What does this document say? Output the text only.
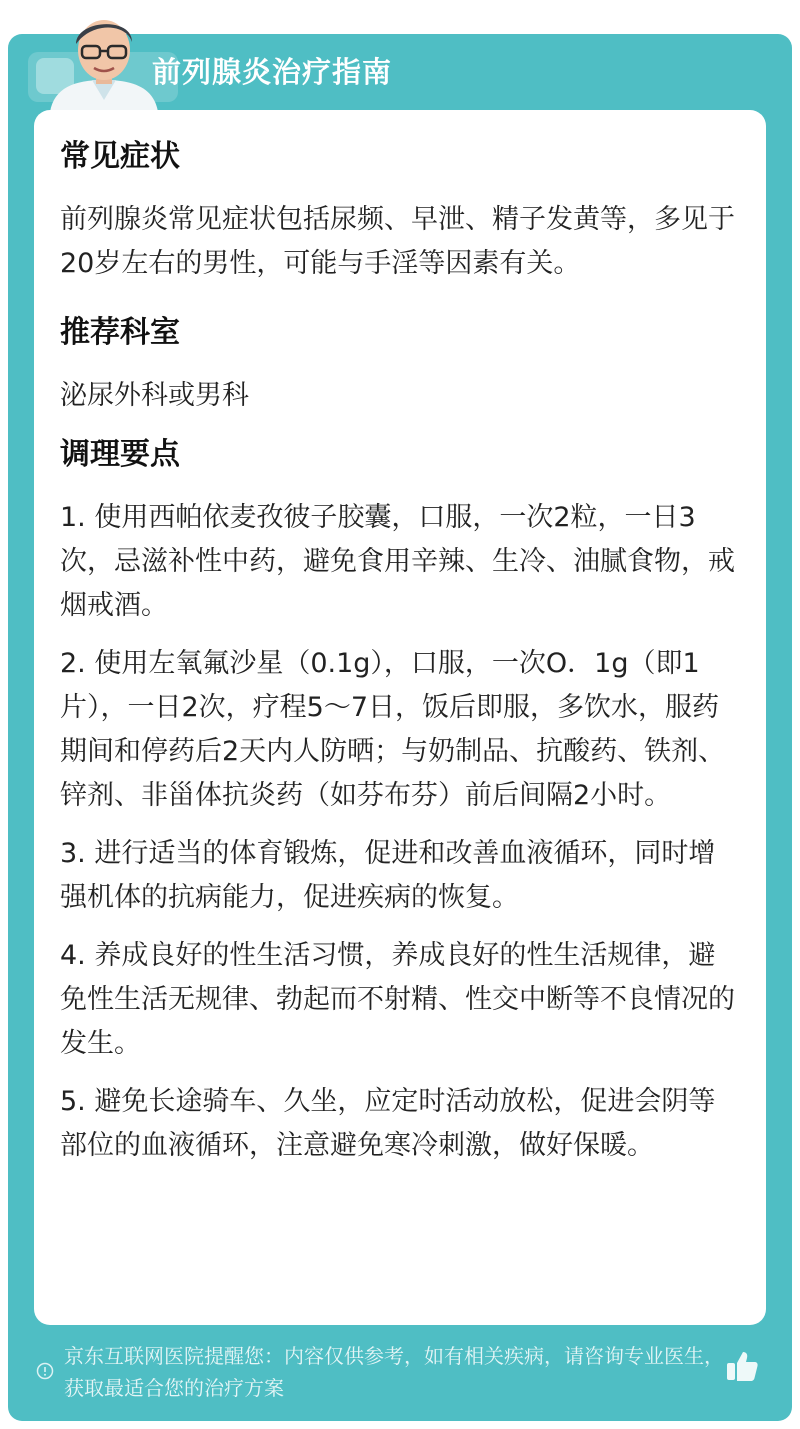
前列腺炎治疗指南
常见症状

前列腺炎常见症状包括尿频、早泄、精子发黄等，多见于20岁左右的男性，可能与手淫等因素有关。

推荐科室

泌尿外科或男科

调理要点

1. 使用西帕依麦孜彼子胶囊，口服，一次2粒，一日3次，忌滋补性中药，避免食用辛辣、生冷、油腻食物，戒烟戒酒。

2. 使用左氧氟沙星（0.1g），口服，一次O．1g（即1片），一日2次，疗程5～7日，饭后即服，多饮水，服药期间和停药后2天内人防晒；与奶制品、抗酸药、铁剂、锌剂、非甾体抗炎药（如芬布芬）前后间隔2小时。

3. 进行适当的体育锻炼，促进和改善血液循环，同时增强机体的抗病能力，促进疾病的恢复。

4. 养成良好的性生活习惯，养成良好的性生活规律，避免性生活无规律、勃起而不射精、性交中断等不良情况的发生。

5. 避免长途骑车、久坐，应定时活动放松，促进会阴等部位的血液循环，注意避免寒冷刺激，做好保暖。

京东互联网医院提醒您：内容仅供参考，如有相关疾病，请咨询专业医生，获取最适合您的治疗方案
